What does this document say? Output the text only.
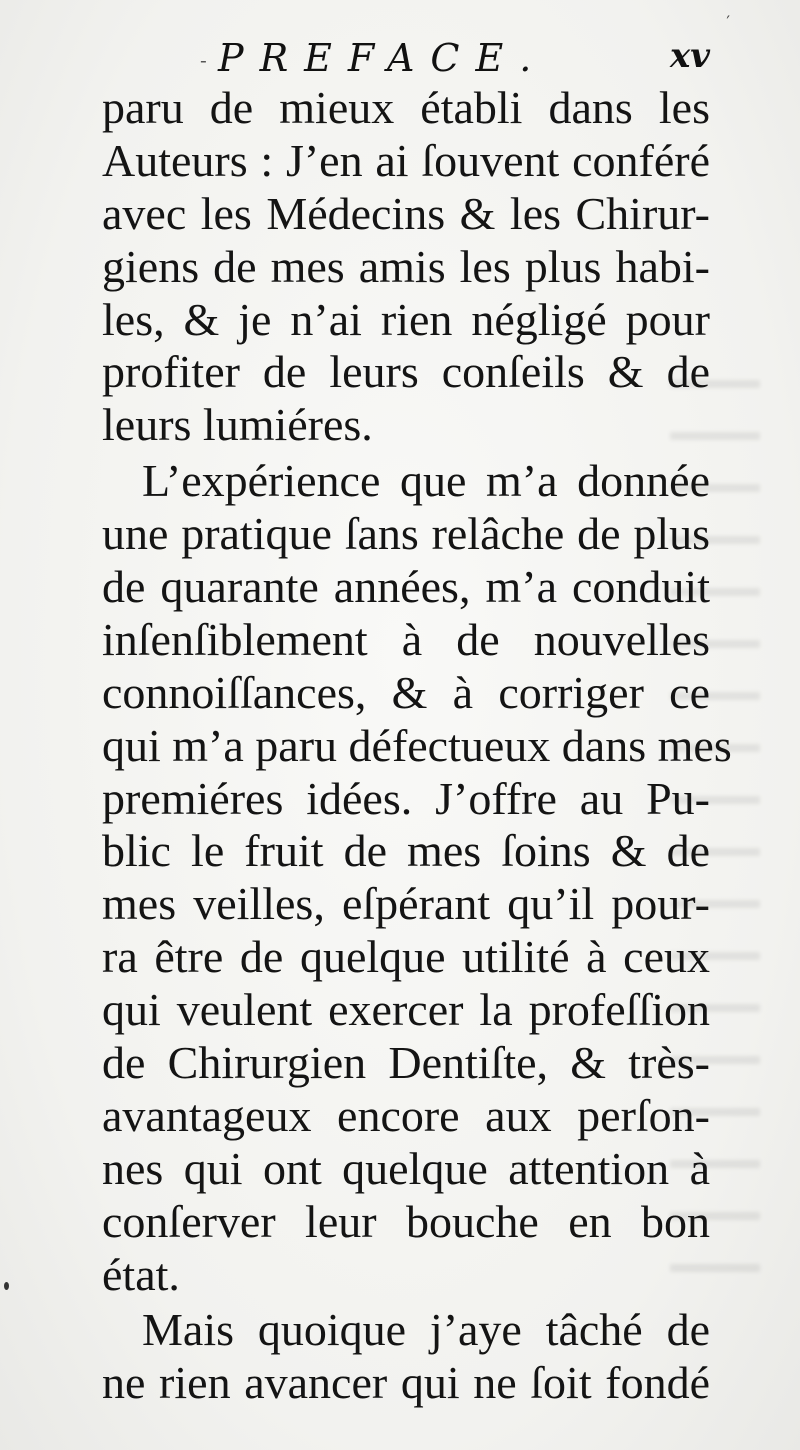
′
- PREFACE.	xv
paru de mieux établi dans les
Auteurs : J’en ai ſouvent conféré
avec les Médecins & les Chirur-
giens de mes amis les plus habi-
les, & je n’ai rien négligé pour
profiter de leurs conſeils & de
leurs lumiéres.
L’expérience que m’a donnée
une pratique ſans relâche de plus
de quarante années, m’a conduit
inſenſiblement à de nouvelles
connoiſſances, & à corriger ce
qui m’a paru défectueux dans mes
premiéres idées. J’offre au Pu-
blic le fruit de mes ſoins & de
mes veilles, eſpérant qu’il pour-
ra être de quelque utilité à ceux
qui veulent exercer la profeſſion
de Chirurgien Dentiſte, & très-
avantageux encore aux perſon-
nes qui ont quelque attention à
conſerver leur bouche en bon
état.
Mais quoique j’aye tâché de
ne rien avancer qui ne ſoit fondé
